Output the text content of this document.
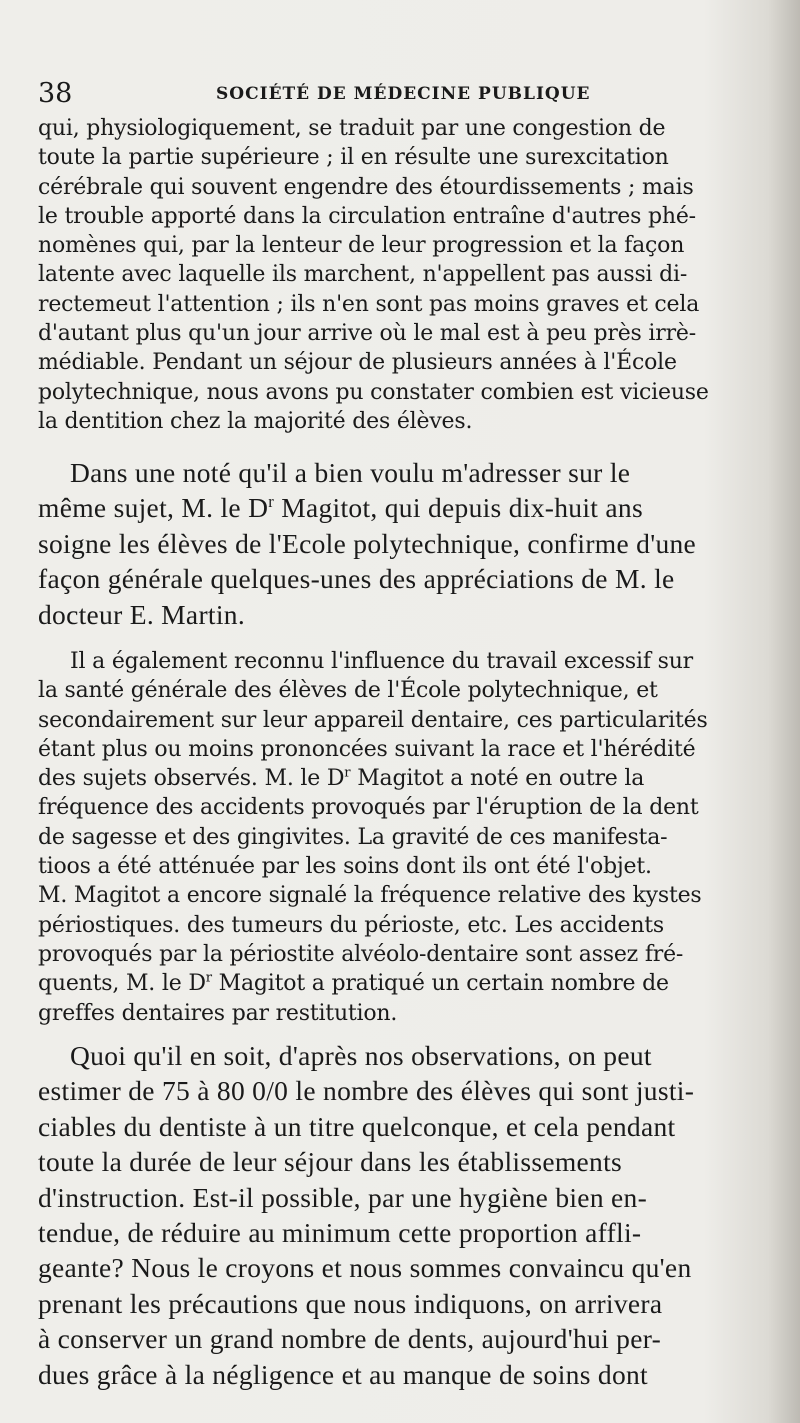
38	SOCIÉTÉ DE MÉDECINE PUBLIQUE
qui, physiologiquement, se traduit par une congestion de
toute la partie supérieure ; il en résulte une surexcitation
cérébrale qui souvent engendre des étourdissements ; mais
le trouble apporté dans la circulation entraîne d'autres phé-
nomènes qui, par la lenteur de leur progression et la façon
latente avec laquelle ils marchent, n'appellent pas aussi di-
rectemeut l'attention ; ils n'en sont pas moins graves et cela
d'autant plus qu'un jour arrive où le mal est à peu près irrè-
médiable. Pendant un séjour de plusieurs années à l'École
polytechnique, nous avons pu constater combien est vicieuse
la dentition chez la majorité des élèves.
Dans une noté qu'il a bien voulu m'adresser sur le
même sujet, M. le $D^r$ Magitot, qui depuis dix-huit ans
soigne les élèves de l'Ecole polytechnique, confirme d'une
façon générale quelques-unes des appréciations de M. le
docteur E. Martin.
Il a également reconnu l'influence du travail excessif sur
la santé générale des élèves de l'École polytechnique, et
secondairement sur leur appareil dentaire, ces particularités
étant plus ou moins prononcées suivant la race et l'hérédité
des sujets observés. M. le $D^r$ Magitot a noté en outre la
fréquence des accidents provoqués par l'éruption de la dent
de sagesse et des gingivites. La gravité de ces manifesta-
tioos a été atténuée par les soins dont ils ont été l'objet.
M. Magitot a encore signalé la fréquence relative des kystes
périostiques. des tumeurs du périoste, etc. Les accidents
provoqués par la périostite alvéolo-dentaire sont assez fré-
quents, M. le $D^r$ Magitot a pratiqué un certain nombre de
greffes dentaires par restitution.
Quoi qu'il en soit, d'après nos observations, on peut
estimer de 75 à 80 0/0 le nombre des élèves qui sont justi-
ciables du dentiste à un titre quelconque, et cela pendant
toute la durée de leur séjour dans les établissements
d'instruction. Est-il possible, par une hygiène bien en-
tendue, de réduire au minimum cette proportion affli-
geante? Nous le croyons et nous sommes convaincu qu'en
prenant les précautions que nous indiquons, on arrivera
à conserver un grand nombre de dents, aujourd'hui per-
dues grâce à la négligence et au manque de soins dont
